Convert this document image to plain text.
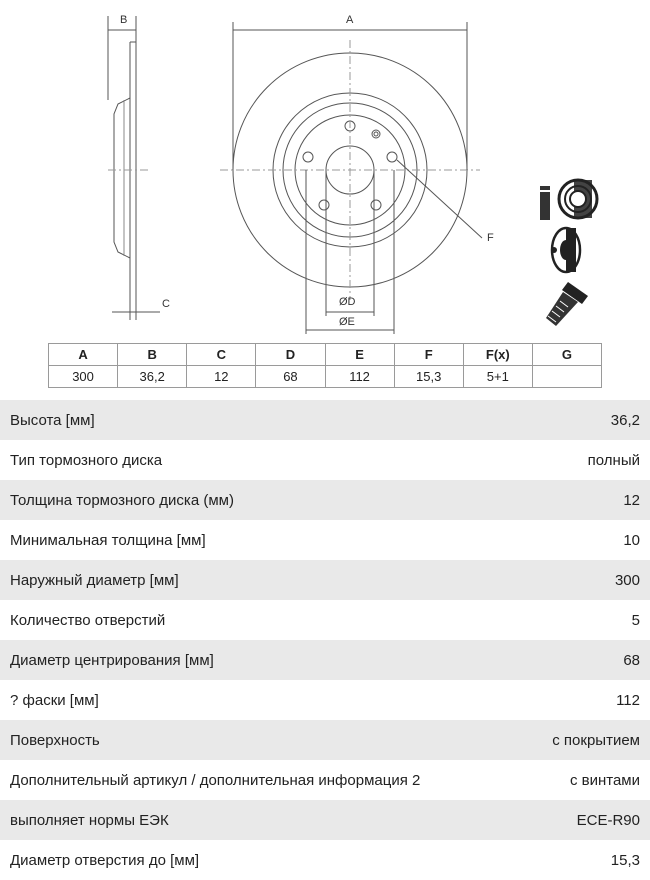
B	A
C	ØD
ØE
F
A	B	C	D	E	F	F(x)	G
300	36,2	12	68	112	15,3	5+1	
Высота [мм]	36,2
Тип тормозного диска	полный
Толщина тормозного диска (мм)	12
Минимальная толщина [мм]	10
Наружный диаметр [мм]	300
Количество отверстий	5
Диаметр центрирования [мм]	68
? фаски [мм]	112
Поверхность	с покрытием
Дополнительный артикул / дополнительная информация 2	с винтами
выполняет нормы ЕЭК	ECE-R90
Диаметр отверстия до [мм]	15,3
